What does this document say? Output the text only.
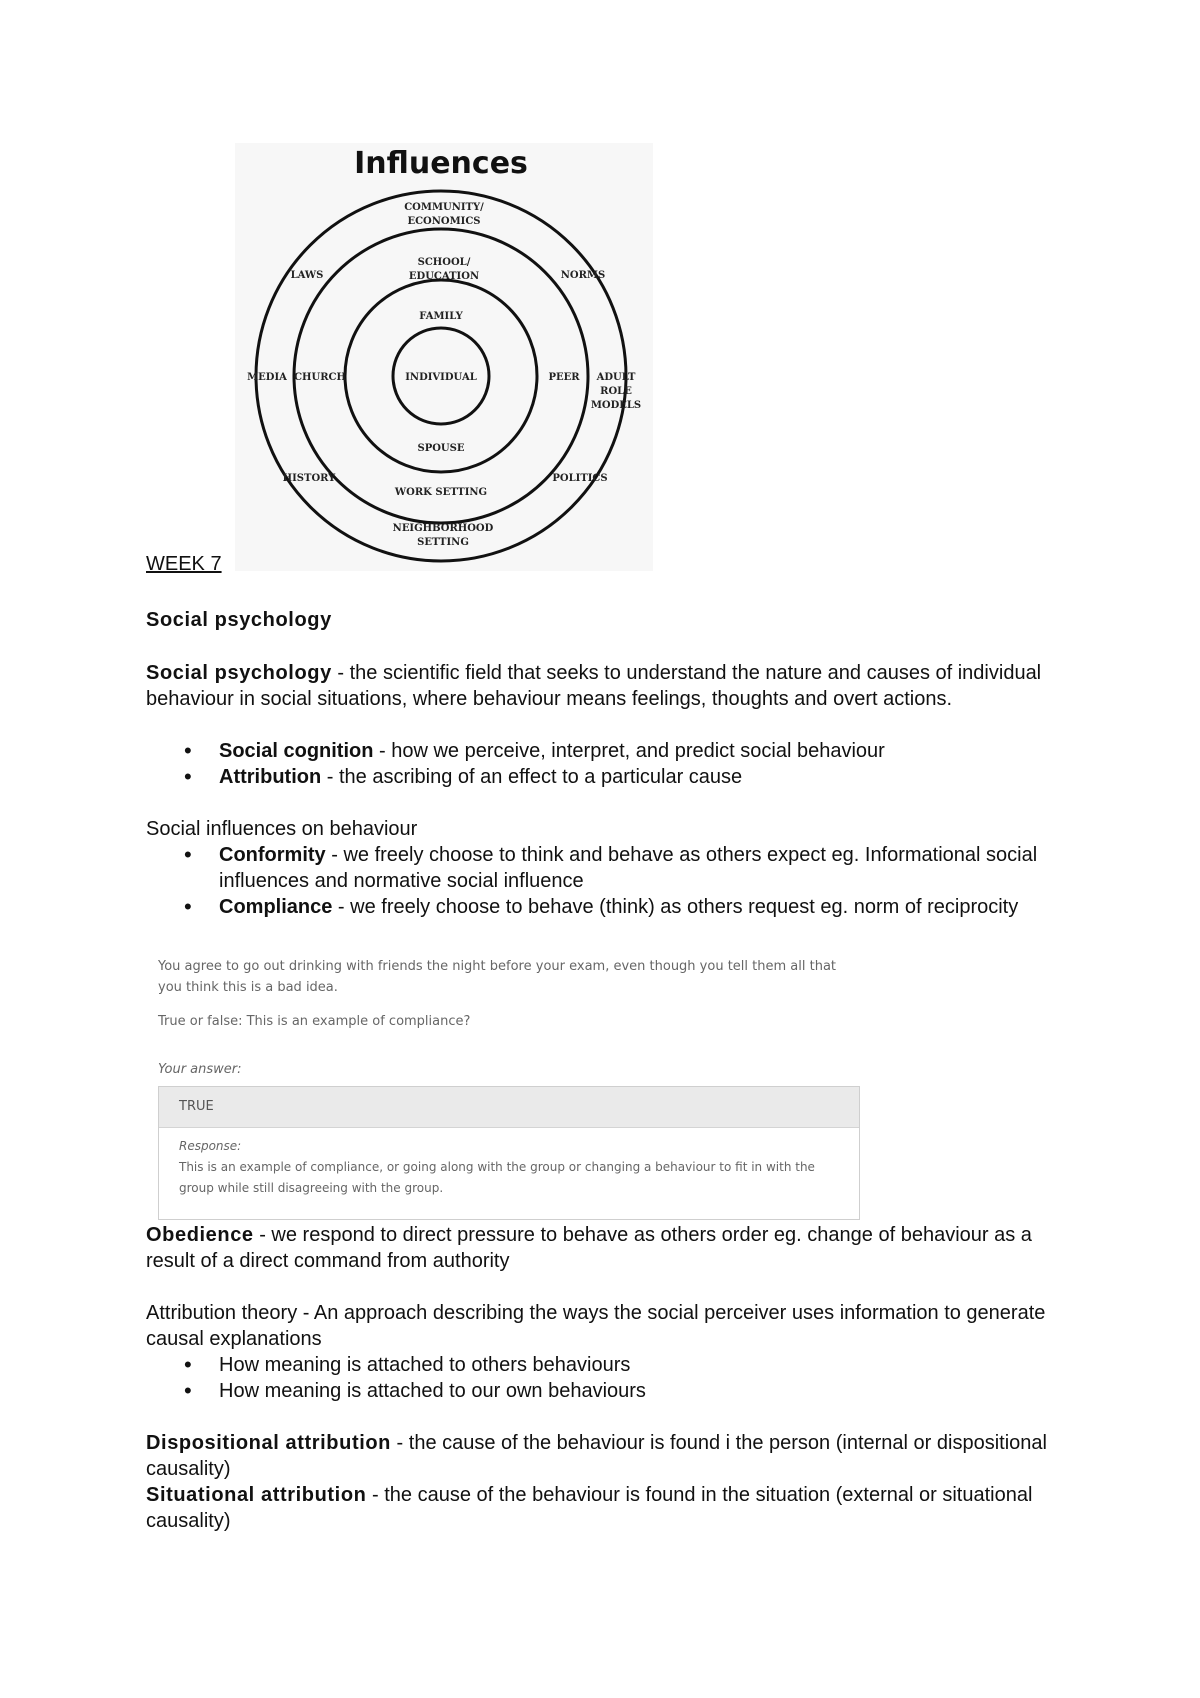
Influences
COMMUNITY/
ECONOMICS
LAWS	NORMS
SCHOOL/
EDUCATION
FAMILY
MEDIA CHURCH	INDIVIDUAL	PEER ADULT
ROLE
MODELS
SPOUSE
HISTORY	POLITICS
WORK SETTING
NEIGHBORHOOD
SETTING

WEEK 7

Social psychology

Social psychology - the scientific field that seeks to understand the nature and causes of individual behaviour in social situations, where behaviour means feelings, thoughts and overt actions.

• Social cognition - how we perceive, interpret, and predict social behaviour
• Attribution - the ascribing of an effect to a particular cause

Social influences on behaviour

• Conformity - we freely choose to think and behave as others expect eg. Informational social influences and normative social influence
• Compliance - we freely choose to behave (think) as others request eg. norm of reciprocity
You agree to go out drinking with friends the night before your exam, even though you tell them all that you think this is a bad idea.
True or false: This is an example of compliance?
Your answer:
TRUE
Response:
This is an example of compliance, or going along with the group or changing a behaviour to fit in with the group while still disagreeing with the group.

Obedience - we respond to direct pressure to behave as others order eg. change of behaviour as a result of a direct command from authority

Attribution theory - An approach describing the ways the social perceiver uses information to generate causal explanations

• How meaning is attached to others behaviours
• How meaning is attached to our own behaviours

Dispositional attribution - the cause of the behaviour is found i the person (internal or dispositional causality)

Situational attribution - the cause of the behaviour is found in the situation (external or situational causality)
